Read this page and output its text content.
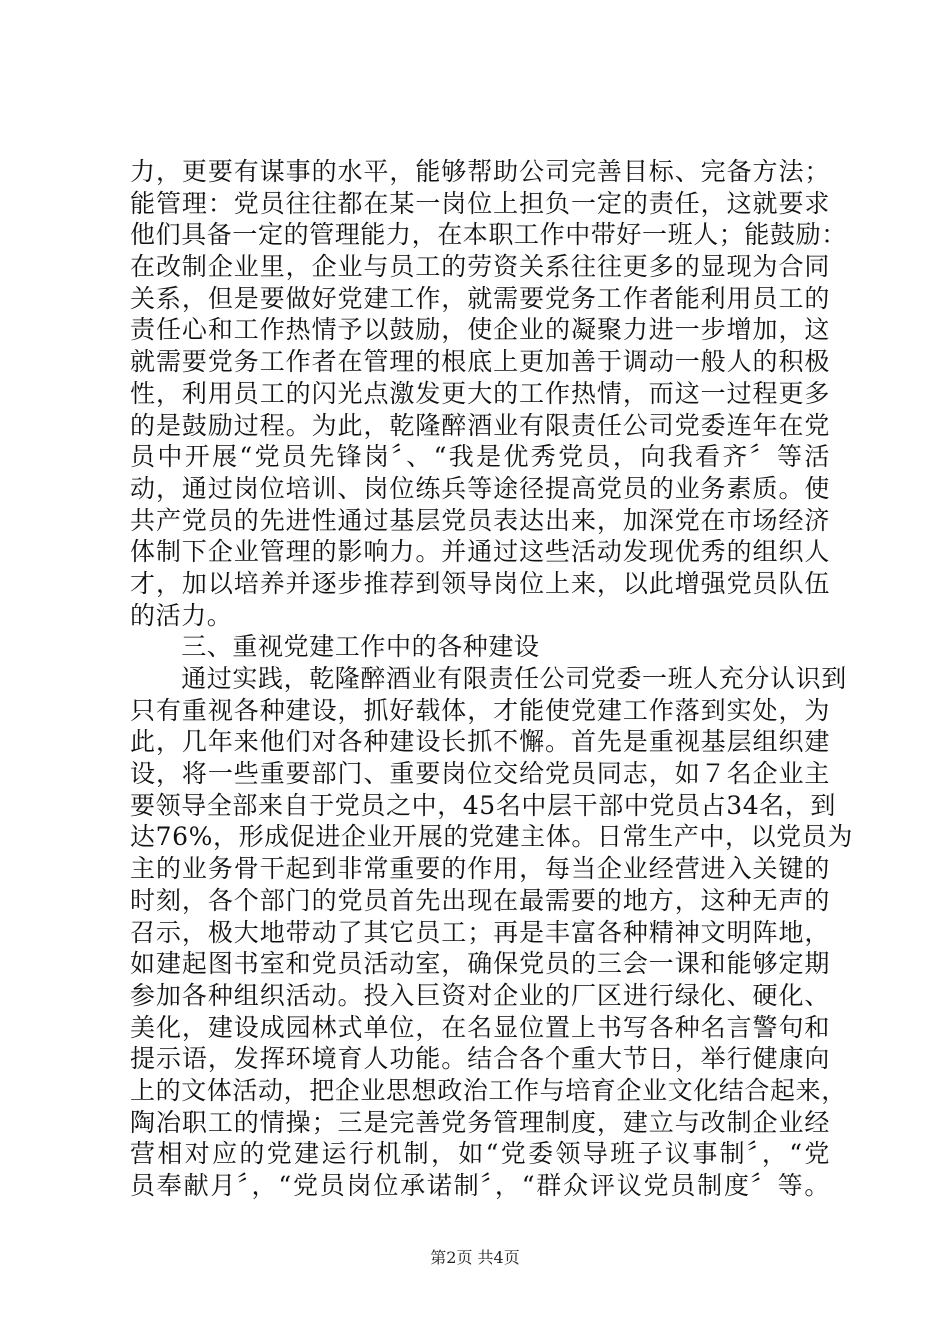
力，更要有谋事的水平，能够帮助公司完善目标、完备方法；
能管理：党员往往都在某一岗位上担负一定的责任，这就要求
他们具备一定的管理能力，在本职工作中带好一班人；能鼓励：
在改制企业里，企业与员工的劳资关系往往更多的显现为合同
关系，但是要做好党建工作，就需要党务工作者能利用员工的
责任心和工作热情予以鼓励，使企业的凝聚力进一步增加，这
就需要党务工作者在管理的根底上更加善于调动一般人的积极
性，利用员工的闪光点激发更大的工作热情，而这一过程更多
的是鼓励过程。为此，乾隆醉酒业有限责任公司党委连年在党
员中开展“党员先锋岗〞、“我是优秀党员，向我看齐〞等活
动，通过岗位培训、岗位练兵等途径提高党员的业务素质。使
共产党员的先进性通过基层党员表达出来，加深党在市场经济
体制下企业管理的影响力。并通过这些活动发现优秀的组织人
才，加以培养并逐步推荐到领导岗位上来，以此增强党员队伍
的活力。
　　三、重视党建工作中的各种建设
　　通过实践，乾隆醉酒业有限责任公司党委一班人充分认识到
只有重视各种建设，抓好载体，才能使党建工作落到实处，为
此，几年来他们对各种建设长抓不懈。首先是重视基层组织建
设，将一些重要部门、重要岗位交给党员同志，如７名企业主
要领导全部来自于党员之中，45名中层干部中党员占34名，到
达76%，形成促进企业开展的党建主体。日常生产中，以党员为
主的业务骨干起到非常重要的作用，每当企业经营进入关键的
时刻，各个部门的党员首先出现在最需要的地方，这种无声的
召示，极大地带动了其它员工；再是丰富各种精神文明阵地，
如建起图书室和党员活动室，确保党员的三会一课和能够定期
参加各种组织活动。投入巨资对企业的厂区进行绿化、硬化、
美化，建设成园林式单位，在名显位置上书写各种名言警句和
提示语，发挥环境育人功能。结合各个重大节日，举行健康向
上的文体活动，把企业思想政治工作与培育企业文化结合起来，
陶冶职工的情操；三是完善党务管理制度，建立与改制企业经
营相对应的党建运行机制，如“党委领导班子议事制〞，“党
员奉献月〞，“党员岗位承诺制〞，“群众评议党员制度〞等。
第2页 共4页
